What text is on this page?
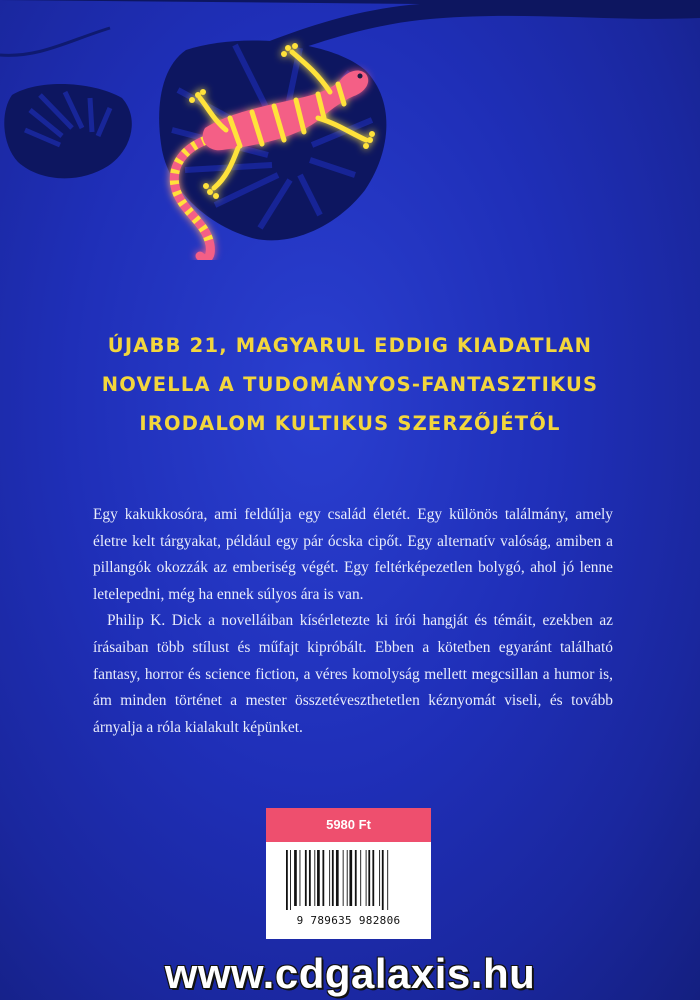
ÚJABB 21, MAGYARUL EDDIG KIADATLAN
NOVELLA A TUDOMÁNYOS-FANTASZTIKUS
IRODALOM KULTIKUS SZERZŐJÉTŐL

Egy kakukkosóra, ami feldúlja egy család életét. Egy különös találmány, amely életre kelt tárgyakat, például egy pár ócska cipőt. Egy alternatív valóság, amiben a pillangók okozzák az emberiség végét. Egy feltérképezetlen bolygó, ahol jó lenne letelepedni, még ha ennek súlyos ára is van.

Philip K. Dick a novelláiban kísérletezte ki írói hangját és témáit, ezekben az írásaiban több stílust és műfajt kipróbált. Ebben a kötetben egyaránt található fantasy, horror és science fiction, a véres komolyság mellett megcsillan a humor is, ám minden történet a mester összetéveszthetetlen kéznyomát viseli, és tovább árnyalja a róla kialakult képünket.

5980 Ft
9 789635 982806
www.cdgalaxis.hu
